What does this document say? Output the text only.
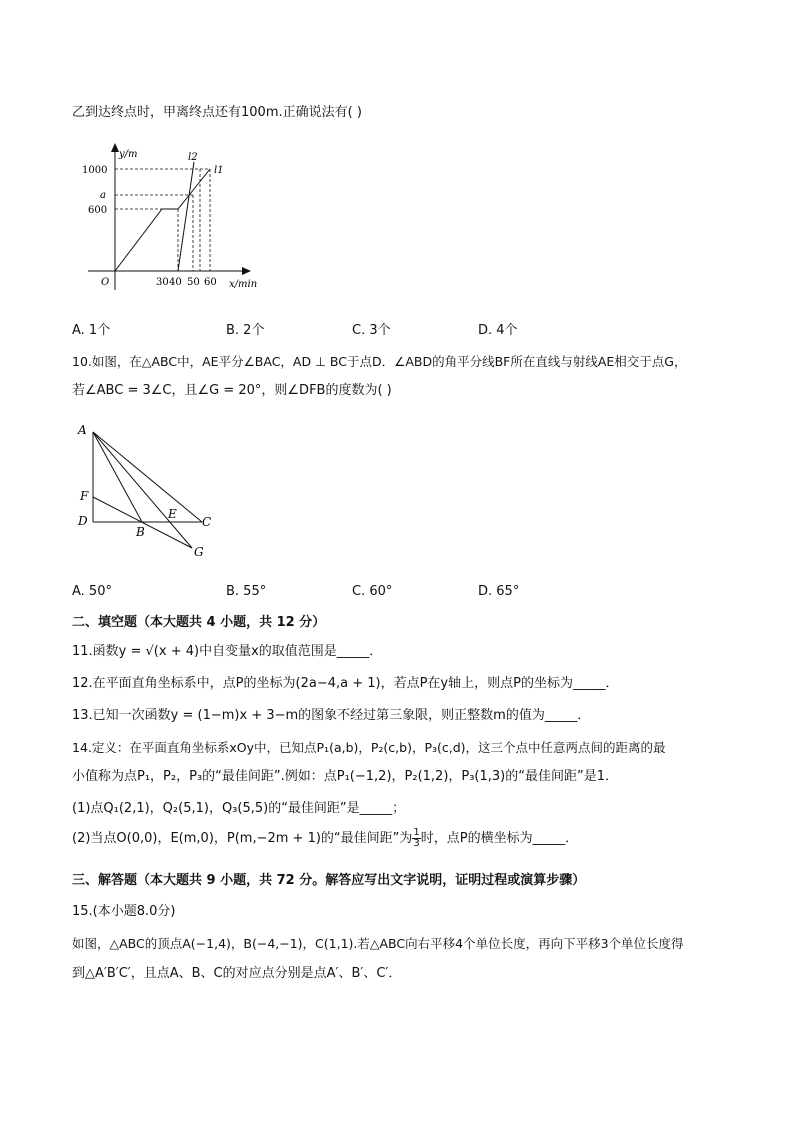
乙到达终点时，甲离终点还有100m.正确说法有( )
y/m
1000
a
600
O	30 40 50 60 x/min
l2
l1
A. 1个	B. 2个	C. 3个	D. 4个
10.如图，在△ABC中，AE平分∠BAC，AD ⊥ BC于点D．∠ABD的角平分线BF所在直线与射线AE相交于点G，
若∠ABC = 3∠C，且∠G = 20°，则∠DFB的度数为( )
A
F
D
B
E
C
G
A. 50°	B. 55°	C. 60°	D. 65°
二、填空题（本大题共 4 小题，共 12 分）
11.函数y = √(x + 4)中自变量x的取值范围是_____．
12.在平面直角坐标系中，点P的坐标为(2a−4,a + 1)，若点P在y轴上，则点P的坐标为_____．
13.已知一次函数y = (1−m)x + 3−m的图象不经过第三象限，则正整数m的值为_____．
14.定义：在平面直角坐标系xOy中，已知点P₁(a,b)，P₂(c,b)，P₃(c,d)，这三个点中任意两点间的距离的最
小值称为点P₁，P₂，P₃的“最佳间距”.例如：点P₁(−1,2)，P₂(1,2)，P₃(1,3)的“最佳间距”是1．
(1)点Q₁(2,1)，Q₂(5,1)，Q₃(5,5)的“最佳间距”是_____；
(2)当点O(0,0)，E(m,0)，P(m,−2m + 1)的“最佳间距”为 $\frac{1}{3}$ 时，点P的横坐标为_____．
三、解答题（本大题共 9 小题，共 72 分。解答应写出文字说明，证明过程或演算步骤）
15.(本小题8.0分)
如图，△ABC的顶点A(−1,4)，B(−4,−1)，C(1,1).若△ABC向右平移4个单位长度，再向下平移3个单位长度得
到△A′B′C′，且点A、B、C的对应点分别是点A′、B′、C′．
